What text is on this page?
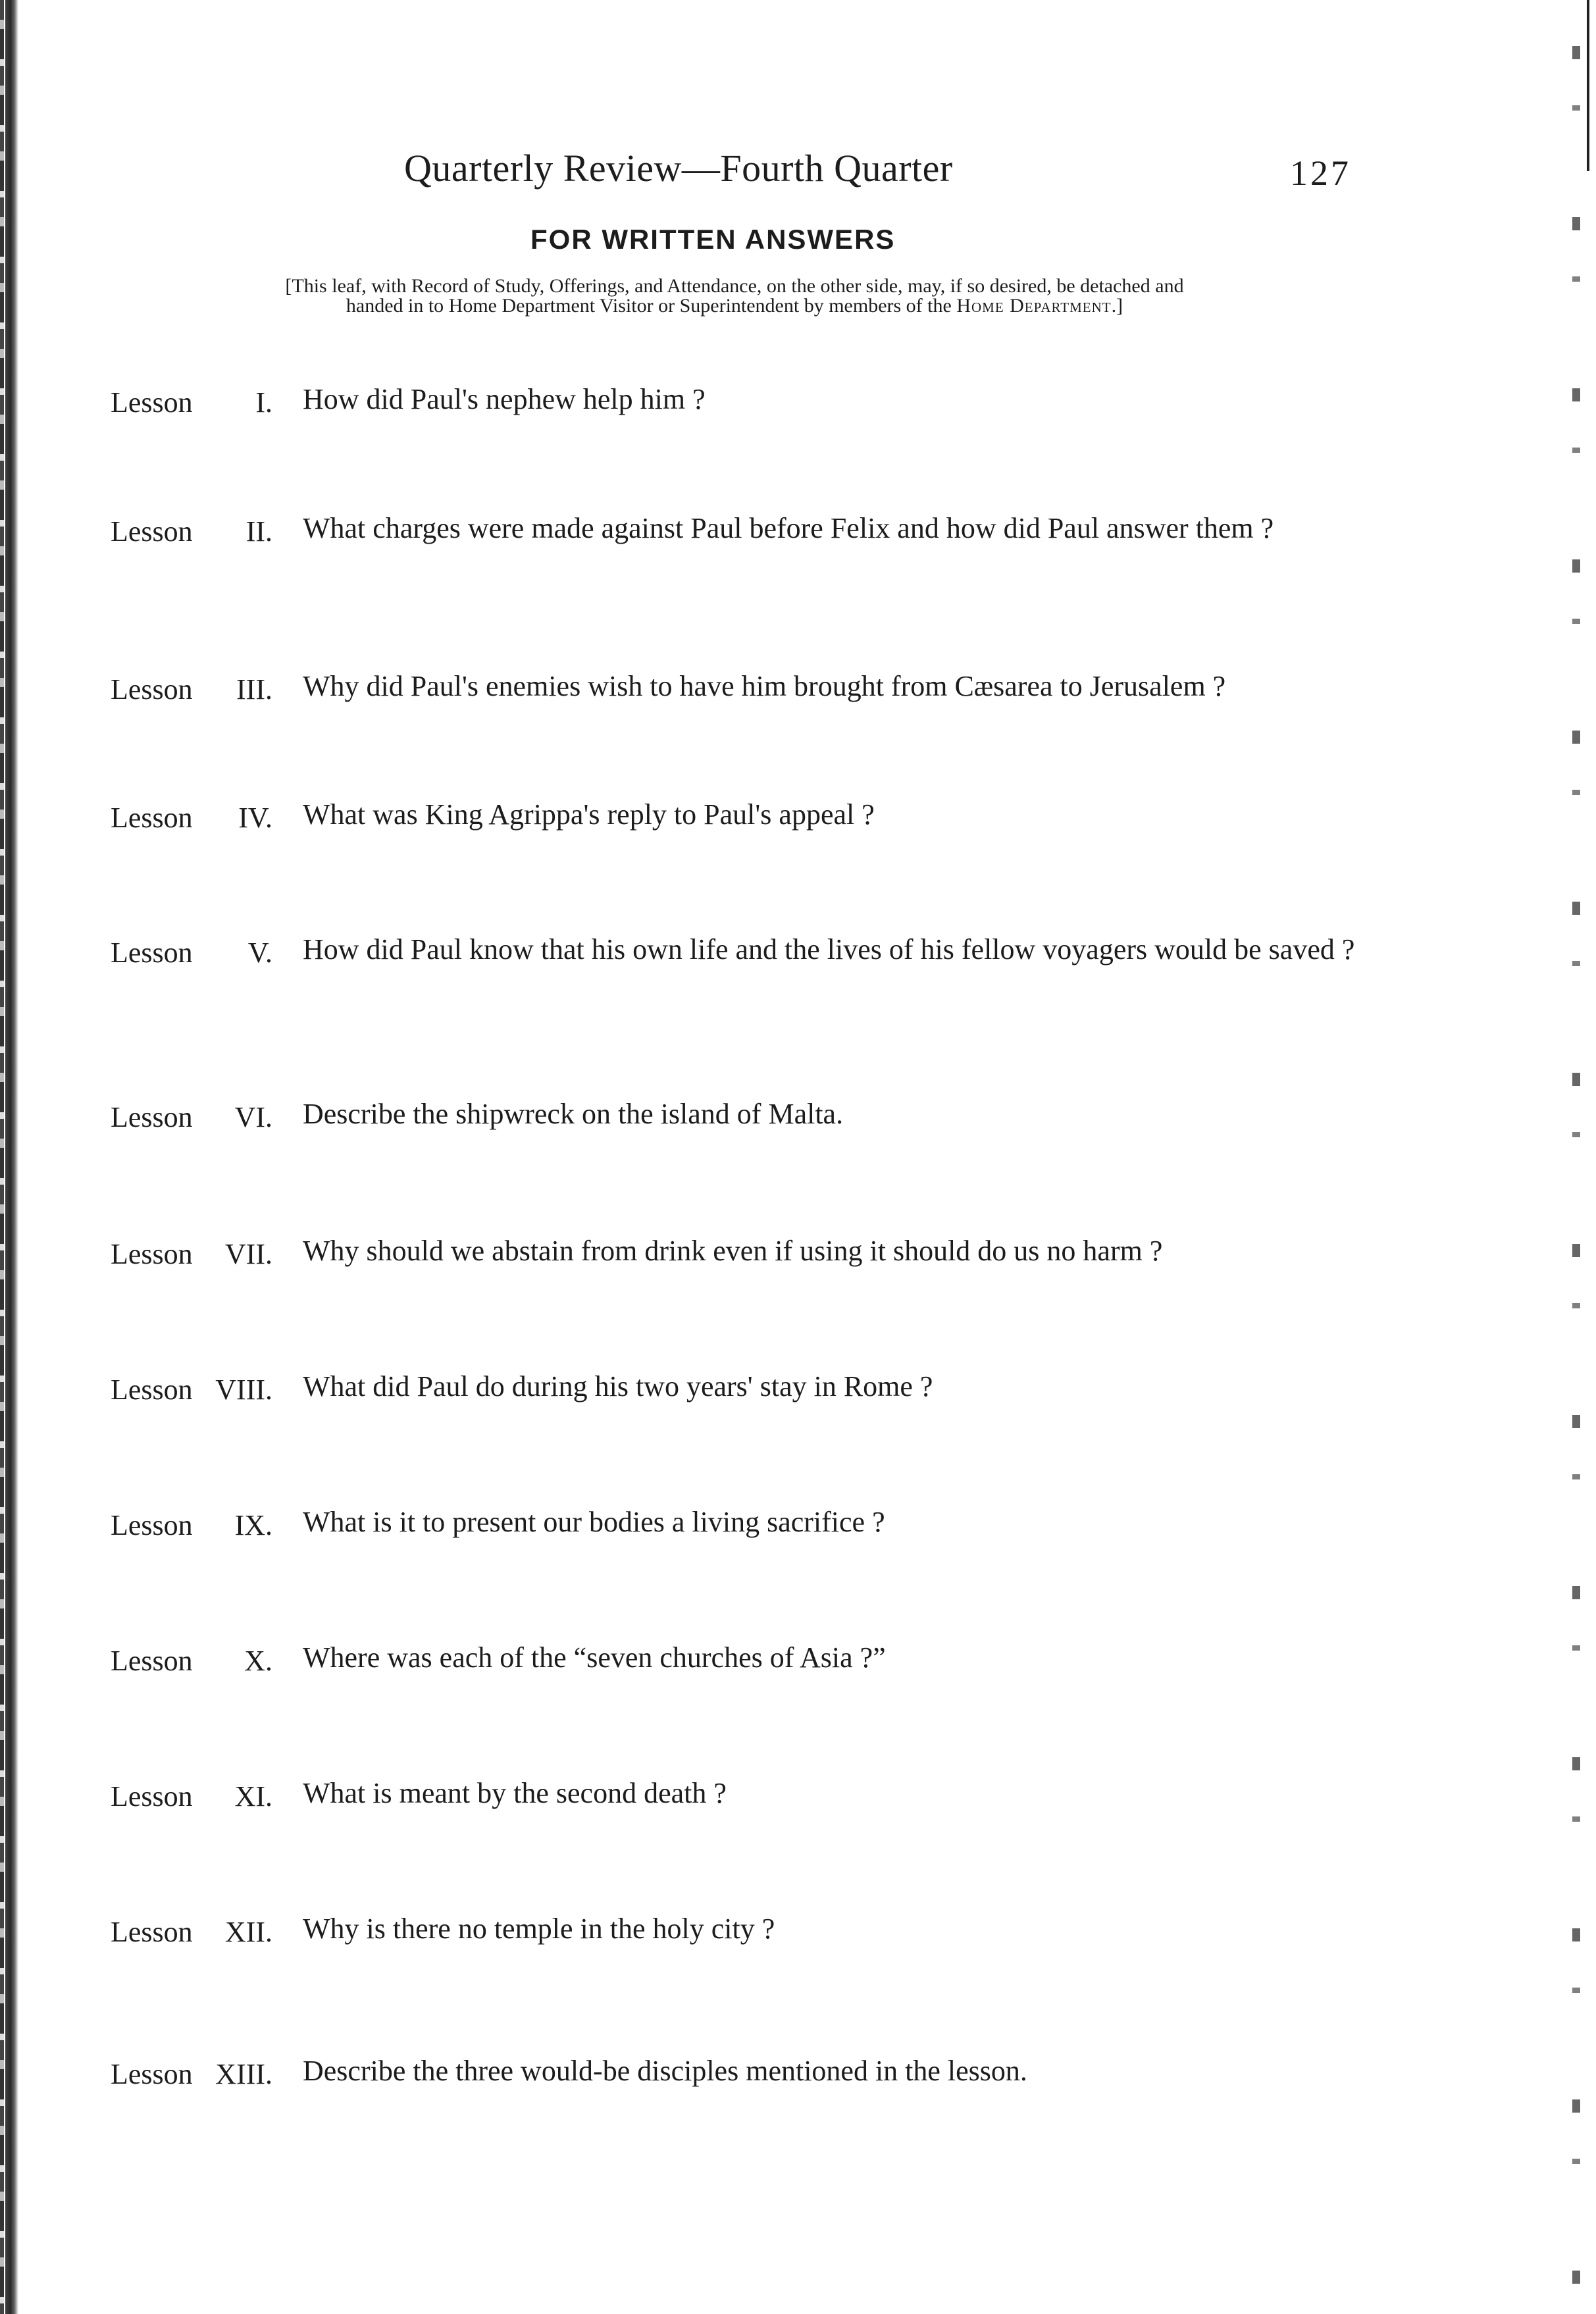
Quarterly Review—Fourth Quarter	127
FOR WRITTEN ANSWERS
[This leaf, with Record of Study, Offerings, and Attendance, on the other side, may, if so desired, be detached and
handed in to Home Department Visitor or Superintendent by members of the Home Department.]
Lesson I. How did Paul's nephew help him ?
Lesson II. What charges were made against Paul before Felix and how did Paul answer them ?
Lesson III. Why did Paul's enemies wish to have him brought from Cæsarea to Jerusalem ?
Lesson IV. What was King Agrippa's reply to Paul's appeal ?
Lesson V. How did Paul know that his own life and the lives of his fellow voyagers would be saved ?
Lesson VI. Describe the shipwreck on the island of Malta.
Lesson VII. Why should we abstain from drink even if using it should do us no harm ?
Lesson VIII. What did Paul do during his two years' stay in Rome ?
Lesson IX. What is it to present our bodies a living sacrifice ?
Lesson X. Where was each of the “seven churches of Asia ?”
Lesson XI. What is meant by the second death ?
Lesson XII. Why is there no temple in the holy city ?
Lesson XIII. Describe the three would-be disciples mentioned in the lesson.
